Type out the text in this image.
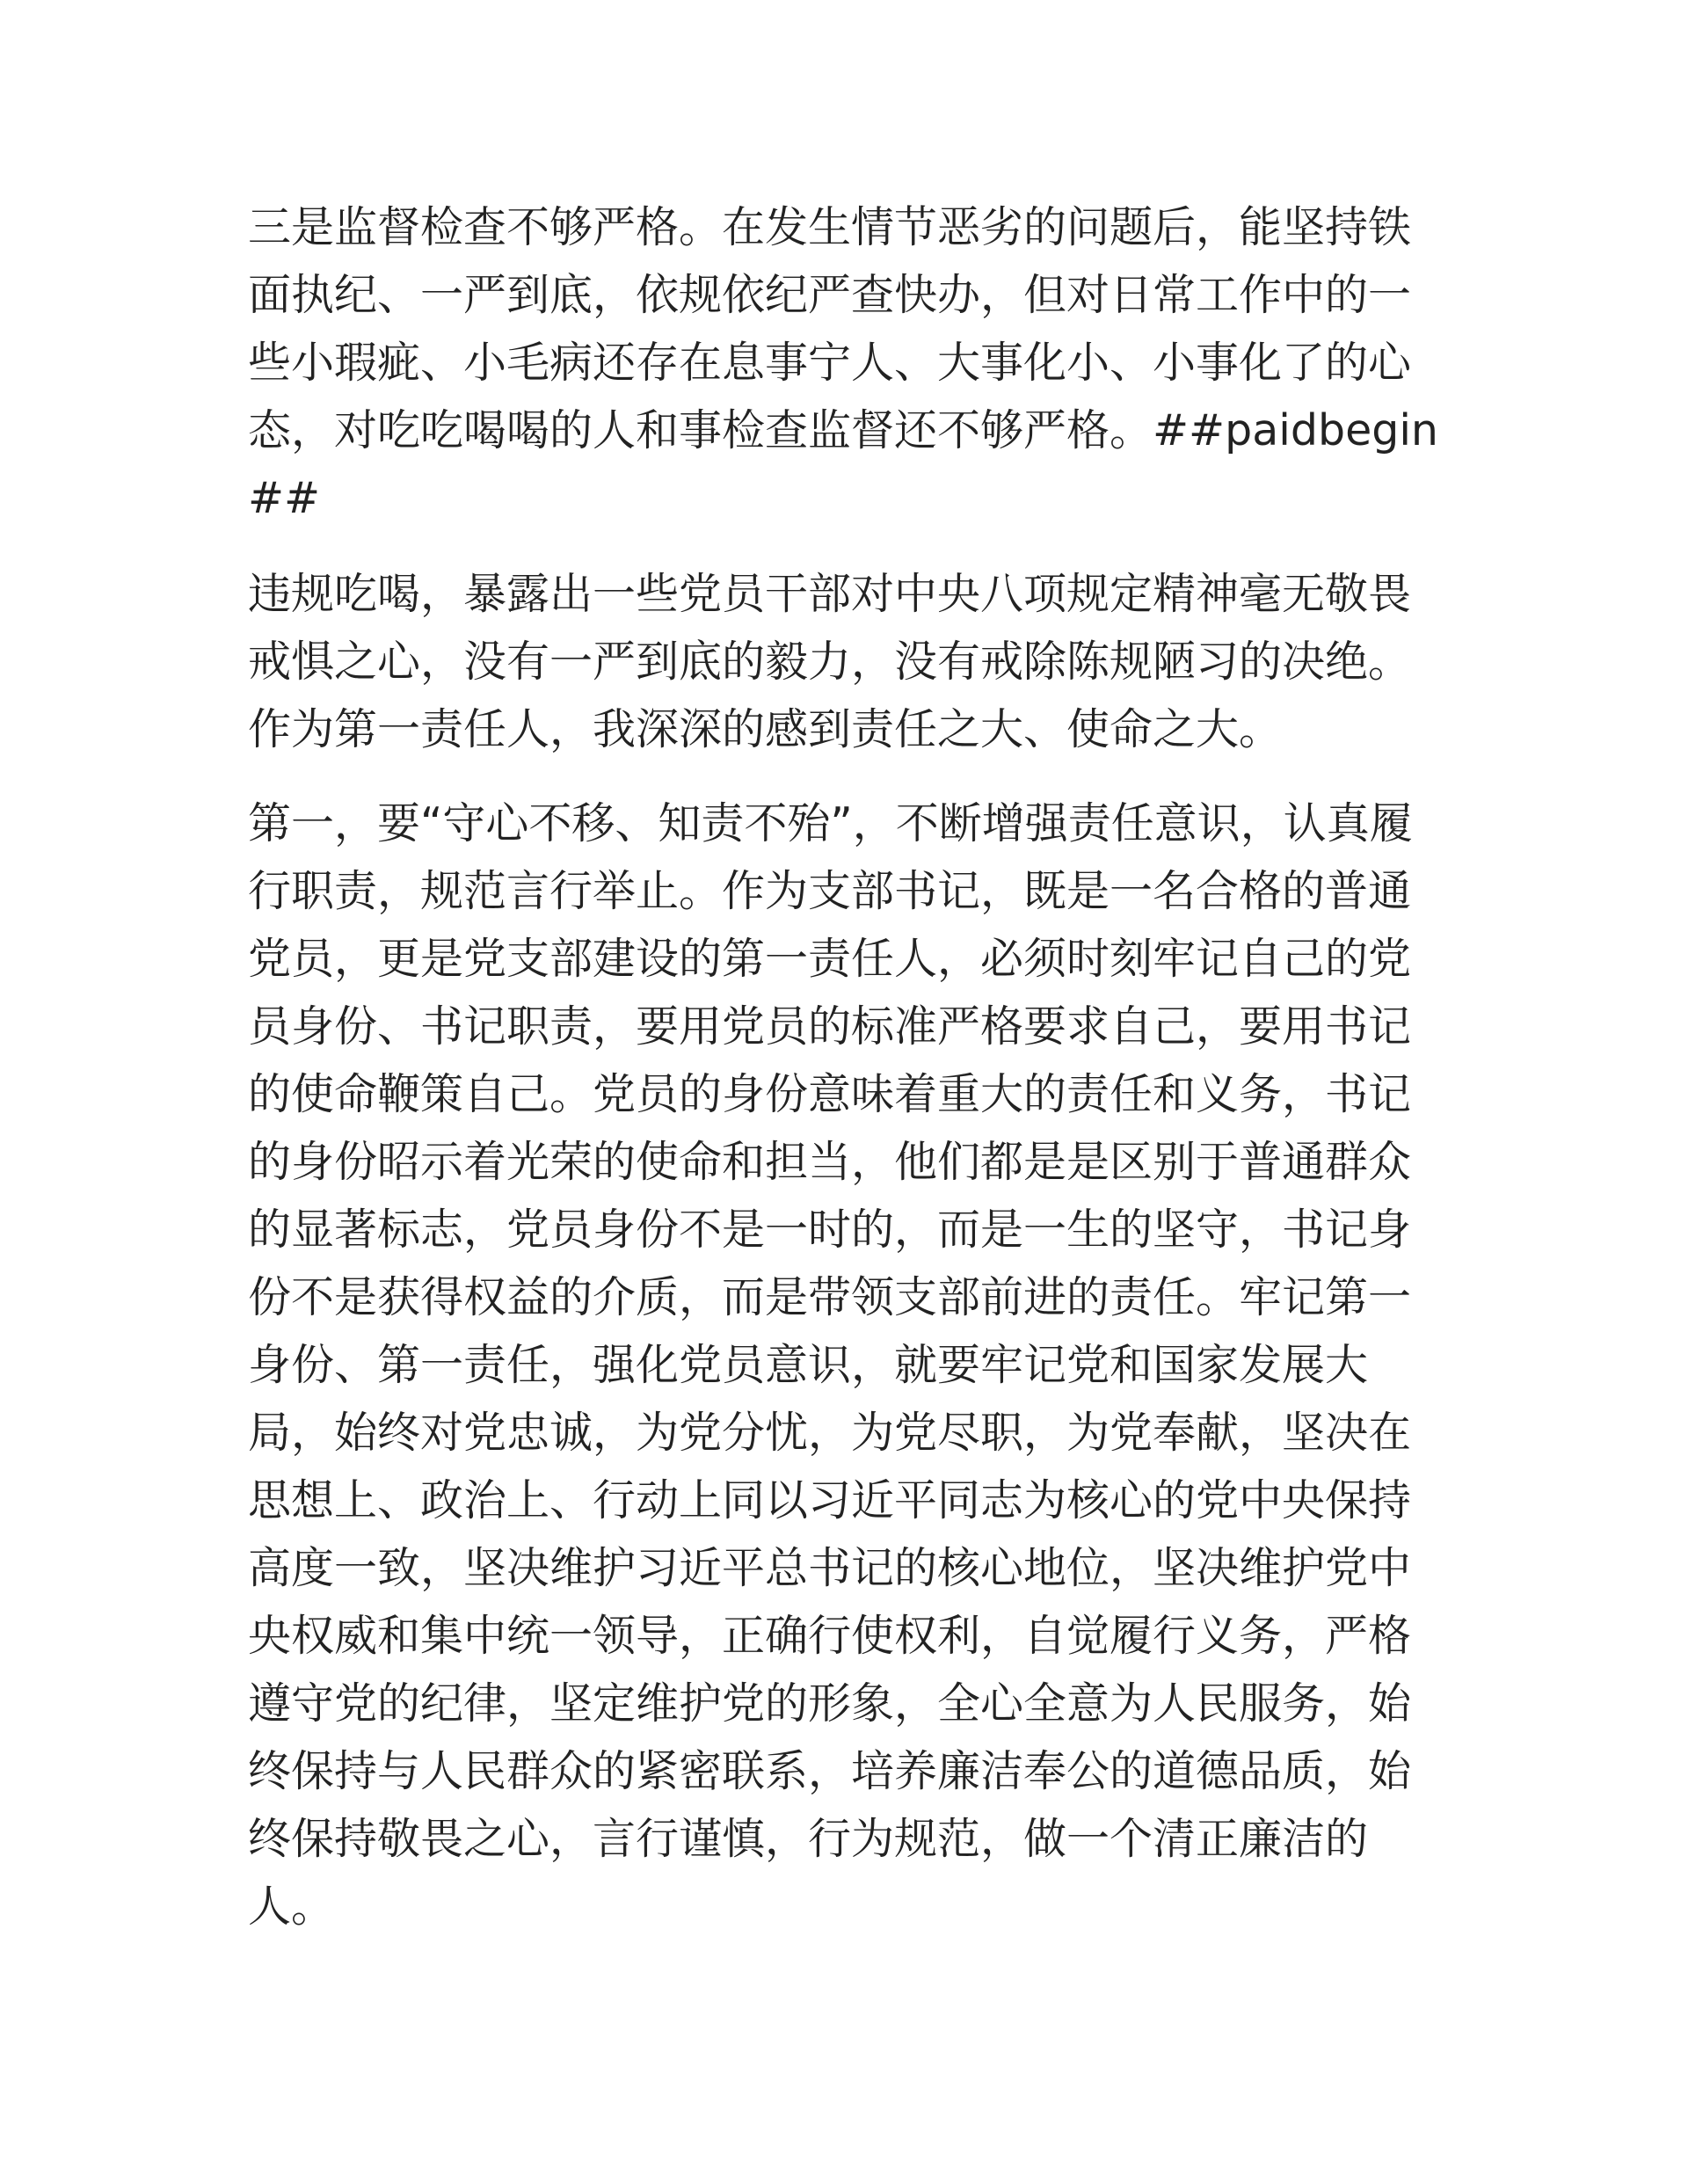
三是监督检查不够严格。在发生情节恶劣的问题后，能坚持铁面执纪、一严到底，依规依纪严查快办，但对日常工作中的一些小瑕疵、小毛病还存在息事宁人、大事化小、小事化了的心态，对吃吃喝喝的人和事检查监督还不够严格。##paidbegin##

违规吃喝，暴露出一些党员干部对中央八项规定精神毫无敬畏戒惧之心，没有一严到底的毅力，没有戒除陈规陋习的决绝。作为第一责任人，我深深的感到责任之大、使命之大。

第一，要“守心不移、知责不殆”，不断增强责任意识，认真履行职责，规范言行举止。作为支部书记，既是一名合格的普通党员，更是党支部建设的第一责任人，必须时刻牢记自己的党员身份、书记职责，要用党员的标准严格要求自己，要用书记的使命鞭策自己。党员的身份意味着重大的责任和义务，书记的身份昭示着光荣的使命和担当，他们都是是区别于普通群众的显著标志，党员身份不是一时的，而是一生的坚守，书记身份不是获得权益的介质，而是带领支部前进的责任。牢记第一身份、第一责任，强化党员意识，就要牢记党和国家发展大局，始终对党忠诚，为党分忧，为党尽职，为党奉献，坚决在思想上、政治上、行动上同以习近平同志为核心的党中央保持高度一致，坚决维护习近平总书记的核心地位，坚决维护党中央权威和集中统一领导，正确行使权利，自觉履行义务，严格遵守党的纪律，坚定维护党的形象，全心全意为人民服务，始终保持与人民群众的紧密联系，培养廉洁奉公的道德品质，始终保持敬畏之心，言行谨慎，行为规范，做一个清正廉洁的人。
